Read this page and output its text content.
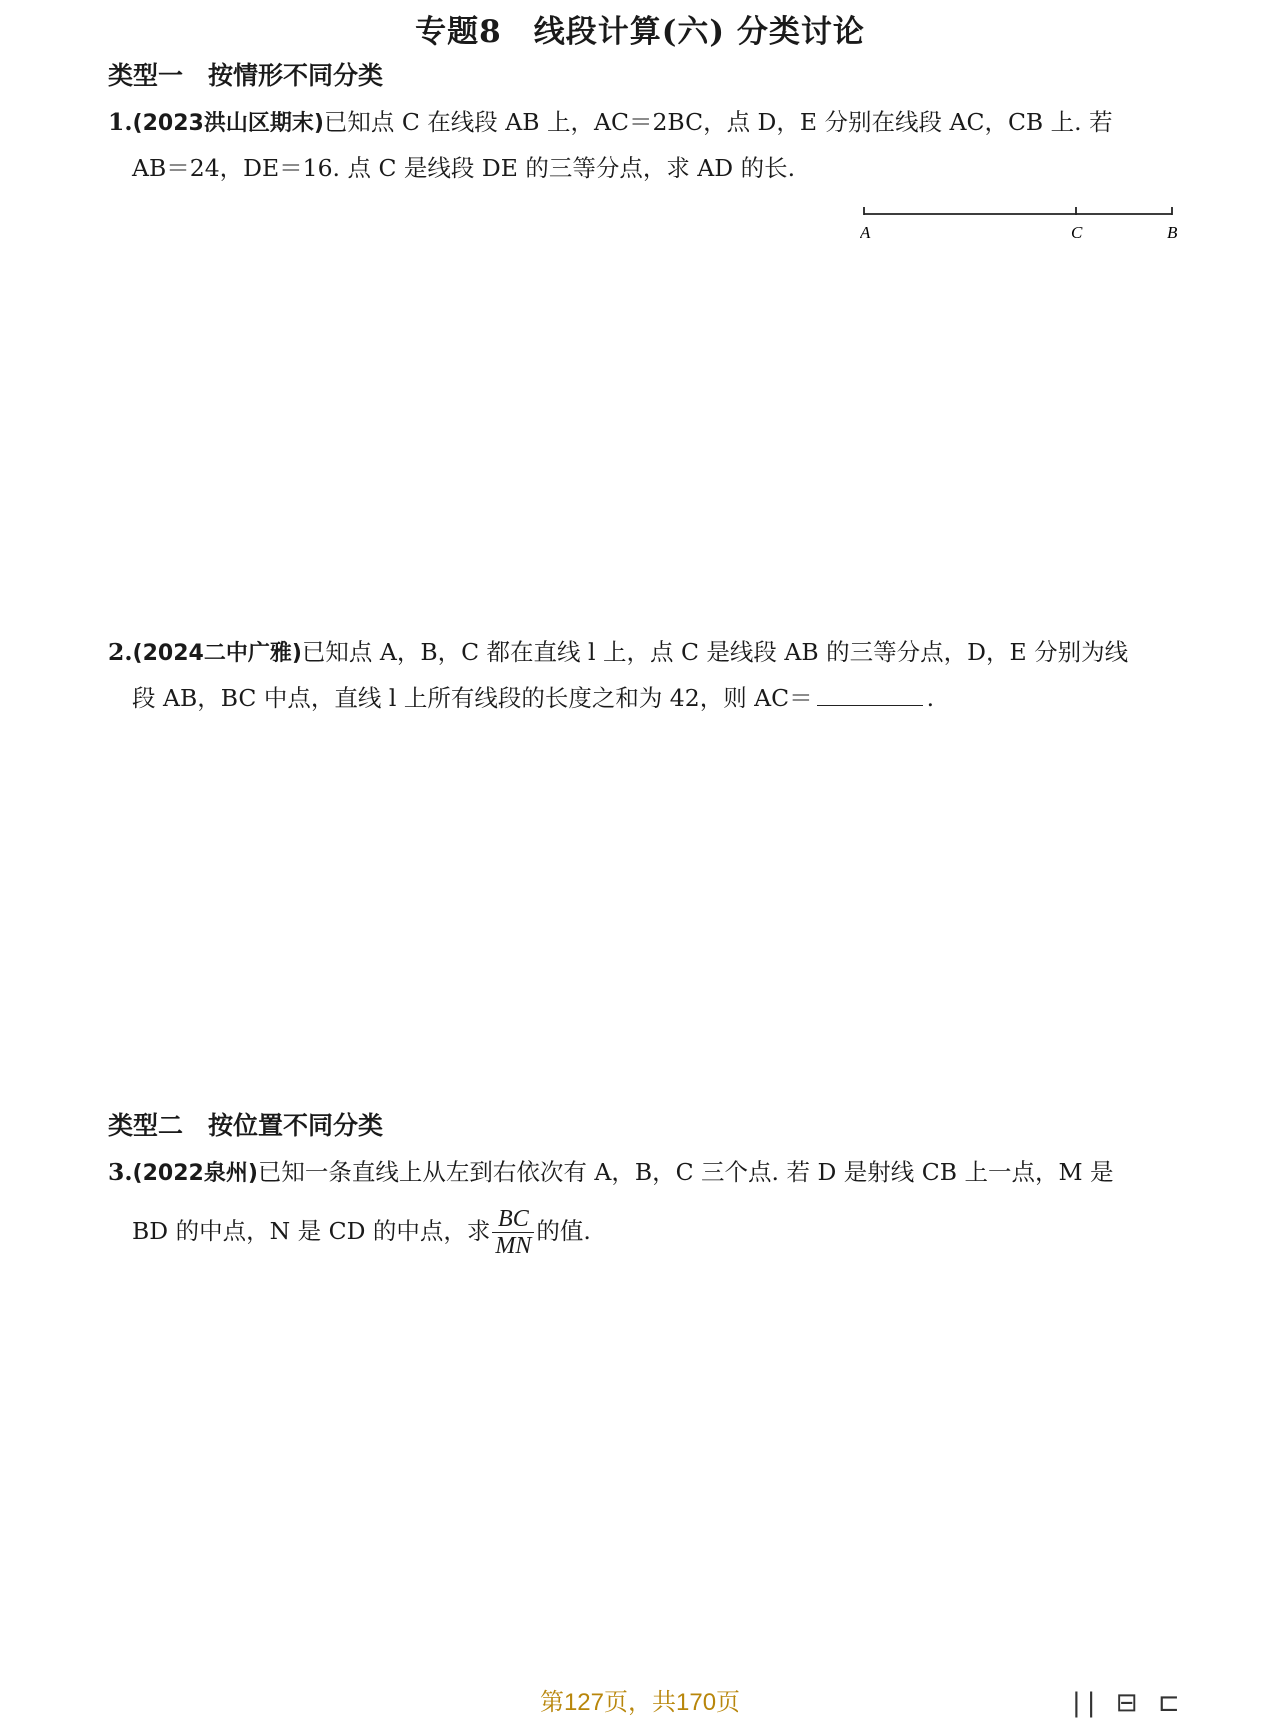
专题8　线段计算(六) 分类讨论
类型一　按情形不同分类
1.(2023洪山区期末)已知点 C 在线段 AB 上，AC＝2BC，点 D，E 分别在线段 AC，CB 上. 若
AB＝24，DE＝16. 点 C 是线段 DE 的三等分点，求 AD 的长.
A	C	B
2.(2024二中广雅)已知点 A，B，C 都在直线 l 上，点 C 是线段 AB 的三等分点，D，E 分别为线
段 AB，BC 中点，直线 l 上所有线段的长度之和为 42，则 AC＝	.
类型二　按位置不同分类
3.(2022泉州)已知一条直线上从左到右依次有 A，B，C 三个点. 若 D 是射线 CB 上一点，M 是
BD 的中点，N 是 CD 的中点，求 $\frac{BC}{MN}$ 的值.
第127页，共170页	|| ⊟ ⊏
